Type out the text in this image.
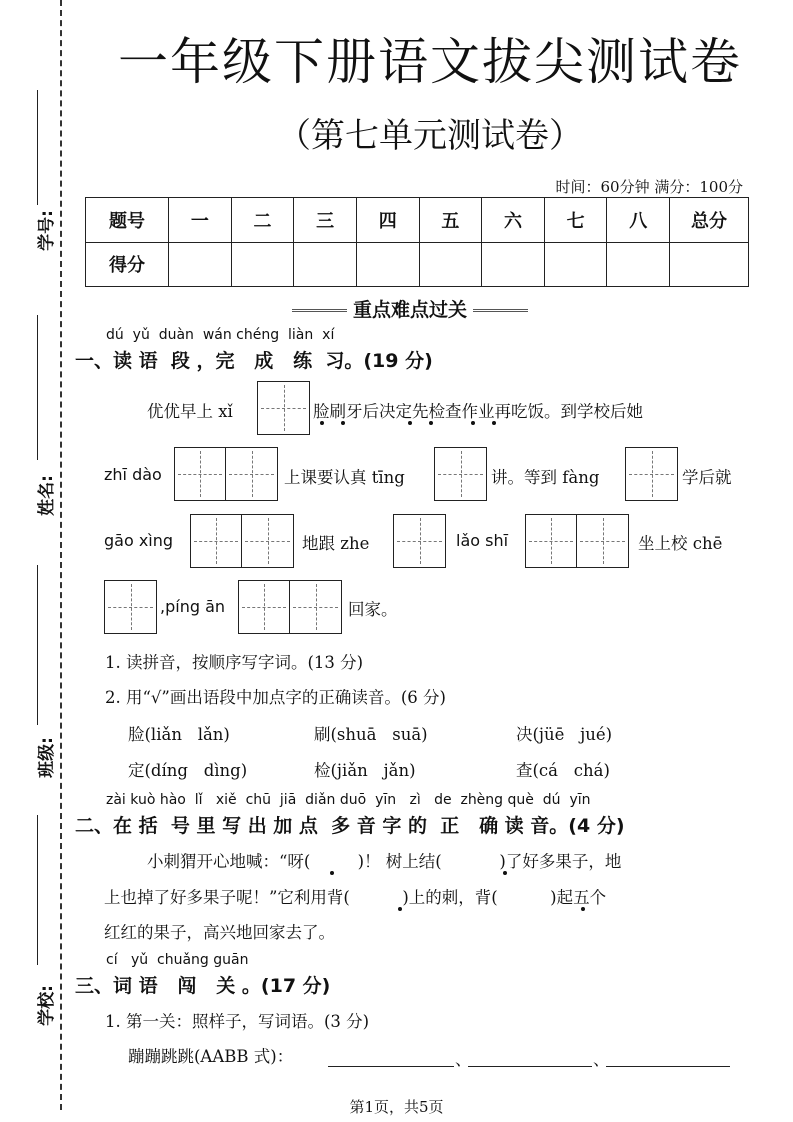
学号:
姓名:
班级:
学校:
一年级下册语文拔尖测试卷
（第七单元测试卷）
时间：60分钟 满分：100分
题号	一	二	三	四	五	六	七	八	总分
得分									
重点难点过关
dú  yǔ  duàn  wán chéng  liàn  xí
一、读 语  段 ，完   成   练  习。(19 分)
优优早上 xǐ	脸刷牙后决定先检查作业再吃饭。到学校后她
zhī dào	上课要认真 tīng	讲。等到 fàng	学后就
gāo xìng	地跟 zhe	lǎo shī	坐上校 chē
,píng ān	回家。
1. 读拼音，按顺序写字词。(13 分)
2. 用“√”画出语段中加点字的正确读音。(6 分)
脸(liǎn   lǎn)	刷(shuā   suā)	决(jüē   jué)
定(díng   dìng)	检(jiǎn   jǎn)	查(cá   chá)
zài kuò hào  lǐ   xiě  chū  jiā  diǎn duō  yīn   zì   de  zhèng què  dú  yīn
二、在 括  号 里 写 出 加 点  多 音 字 的  正   确 读 音。(4 分)
小刺猬开心地喊：“呀(         )！ 树上结(           )了好多果子，地
上也掉了好多果子呢！”它利用背(          )上的刺，背(          )起五个
红红的果子，高兴地回家去了。
cí   yǔ  chuǎng guān
三、词 语   闯   关 。(17 分)
1. 第一关：照样子，写词语。(3 分)
蹦蹦跳跳(AABB 式)：	、	、
第1页，共5页
